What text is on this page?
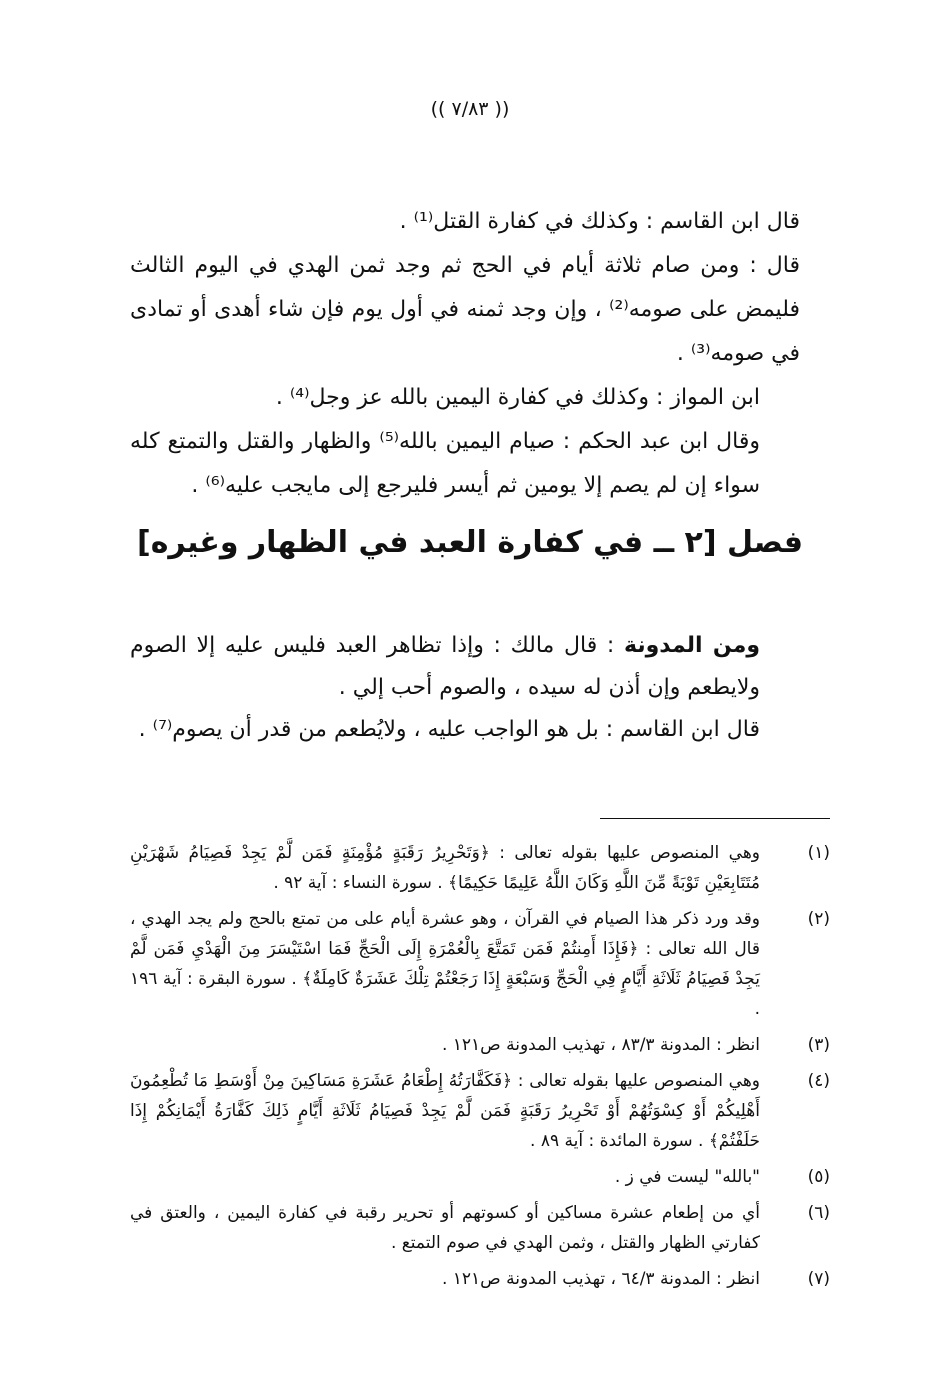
(( ٧/٨٣ ))
قال ابن القاسم : وكذلك في كفارة القتل⁽¹⁾ .
قال : ومن صام ثلاثة أيام في الحج ثم وجد ثمن الهدي في اليوم الثالث فليمض على صومه⁽²⁾ ، وإن وجد ثمنه في أول يوم فإن شاء أهدى أو تمادى في صومه⁽³⁾ .
ابن المواز : وكذلك في كفارة اليمين بالله عز وجل⁽⁴⁾ .
وقال ابن عبد الحكم : صيام اليمين بالله⁽⁵⁾ والظهار والقتل والتمتع كله سواء إن لم يصم إلا يومين ثم أيسر فليرجع إلى مايجب عليه⁽⁶⁾ .
فصل [٢ ــ في كفارة العبد في الظهار وغيره]
ومن المدونة : قال مالك : وإذا تظاهر العبد فليس عليه إلا الصوم ولايطعم وإن أذن له سيده ، والصوم أحب إلي .
قال ابن القاسم : بل هو الواجب عليه ، ولايُطعم من قدر أن يصوم⁽⁷⁾ .
(١)
وهي المنصوص عليها بقوله تعالى : ﴿وَتَحْرِيرُ رَقَبَةٍ مُؤْمِنَةٍ فَمَن لَّمْ يَجِدْ فَصِيَامُ شَهْرَيْنِ مُتَتَابِعَيْنِ تَوْبَةً مِّنَ اللَّهِ وَكَانَ اللَّهُ عَلِيمًا حَكِيمًا﴾ . سورة النساء : آية ٩٢ .
(٢)
وقد ورد ذكر هذا الصيام في القرآن ، وهو عشرة أيام على من تمتع بالحج ولم يجد الهدي ، قال الله تعالى : ﴿فَإِذَا أَمِنتُمْ فَمَن تَمَتَّعَ بِالْعُمْرَةِ إِلَى الْحَجِّ فَمَا اسْتَيْسَرَ مِنَ الْهَدْيِ فَمَن لَّمْ يَجِدْ فَصِيَامُ ثَلَاثَةِ أَيَّامٍ فِي الْحَجِّ وَسَبْعَةٍ إِذَا رَجَعْتُمْ تِلْكَ عَشَرَةٌ كَامِلَةٌ﴾ . سورة البقرة : آية ١٩٦ .
(٣)
انظر : المدونة ٨٣/٣ ، تهذيب المدونة ص١٢١ .
(٤)
وهي المنصوص عليها بقوله تعالى : ﴿فَكَفَّارَتُهُ إِطْعَامُ عَشَرَةِ مَسَاكِينَ مِنْ أَوْسَطِ مَا تُطْعِمُونَ أَهْلِيكُمْ أَوْ كِسْوَتُهُمْ أَوْ تَحْرِيرُ رَقَبَةٍ فَمَن لَّمْ يَجِدْ فَصِيَامُ ثَلَاثَةِ أَيَّامٍ ذَلِكَ كَفَّارَةُ أَيْمَانِكُمْ إِذَا حَلَفْتُمْ﴾ . سورة المائدة : آية ٨٩ .
(٥)
"بالله" ليست في ز .
(٦)
أي من إطعام عشرة مساكين أو كسوتهم أو تحرير رقبة في كفارة اليمين ، والعتق في كفارتي الظهار والقتل ، وثمن الهدي في صوم التمتع .
(٧)
انظر : المدونة ٦٤/٣ ، تهذيب المدونة ص١٢١ .
